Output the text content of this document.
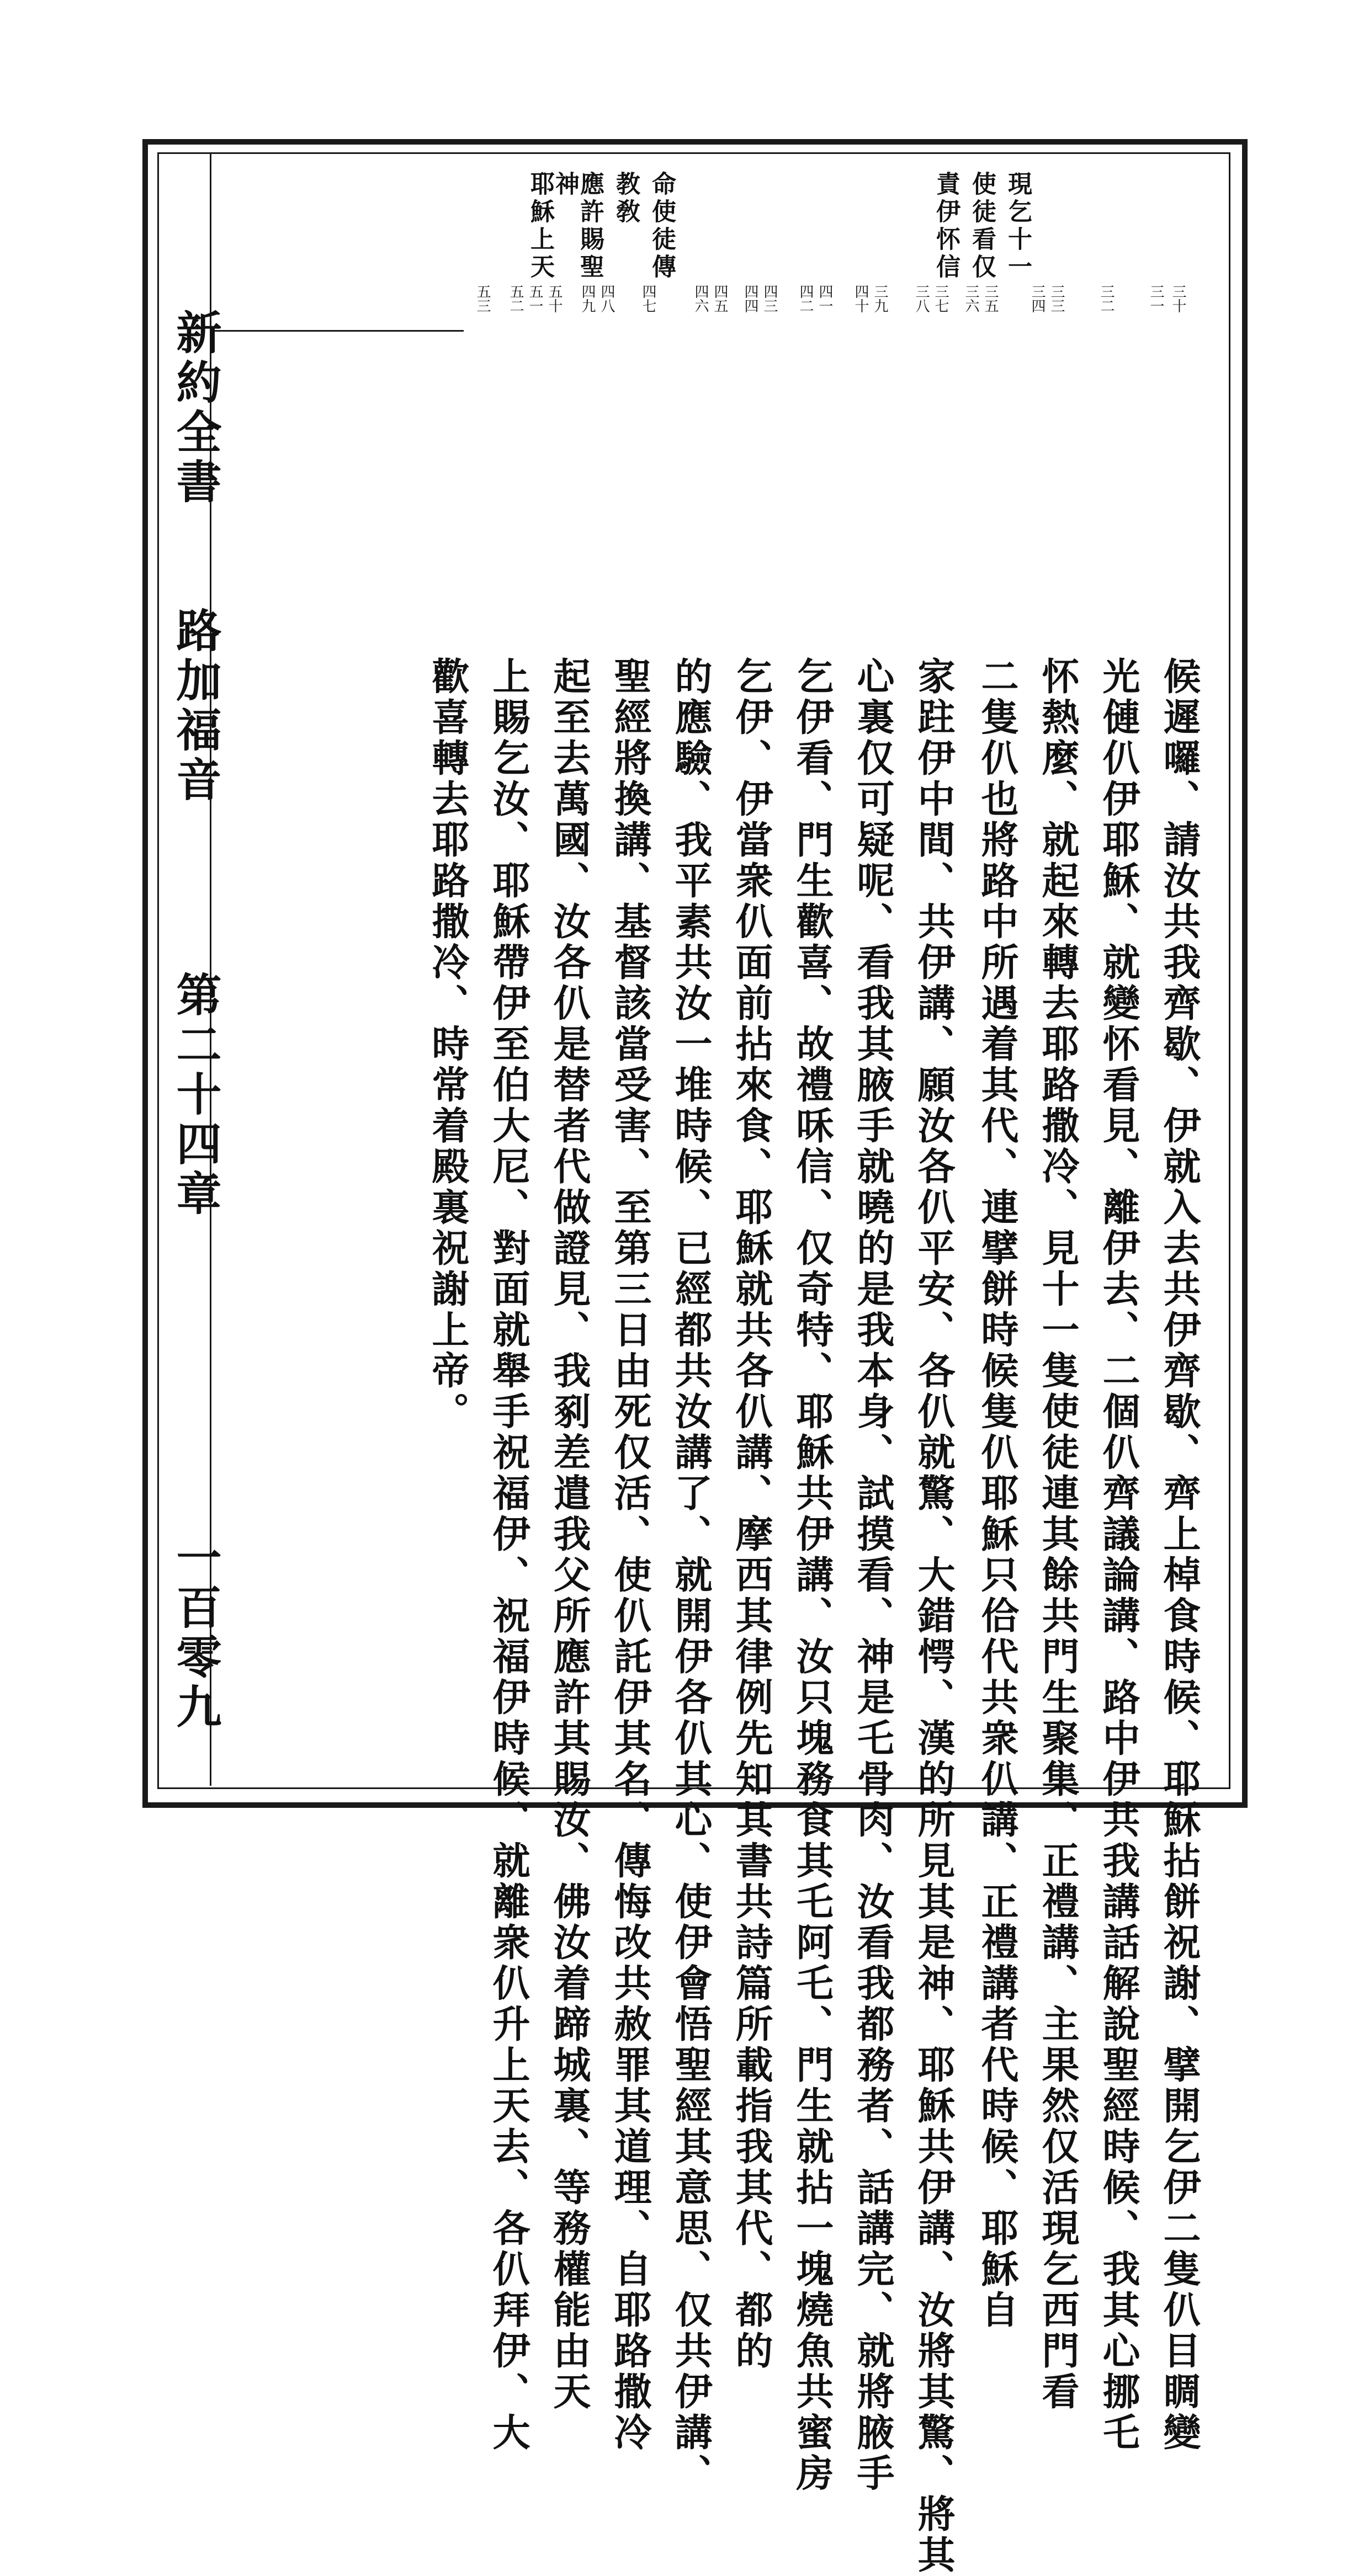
新約全書
路加福音
第二十四章
一百零九
現乞十一
使徒看仅
責伊怀信
命使徒傳
教敎
應許賜聖
神
耶穌上天
三十
三一
三二
三三
三四
三五
三六
三七
三八
三九
四十
四一
四二
四三
四四
四五
四六
四七
四八
四九
五十
五一
五二
五三
候遲囉、請汝共我齊歇、伊就入去共伊齊歇、齊上棹食時候、耶穌拈餅祝謝、擘開乞伊二隻仈目睭變
光僆仈伊耶穌、就變怀看見、離伊去、二個仈齊議論講、路中伊共我講話解說聖經時候、我其心挪乇
怀熱麼、就起來轉去耶路撒冷、見十一隻使徒連其餘共門生聚集、正禮講、主果然仅活現乞西門看
二隻仈也將路中所遇着其代、連擘餅時候隻仈耶穌只佮代共衆仈講、正禮講者代時候、耶穌自
家跓伊中間、共伊講、願汝各仈平安、各仈就驚、大錯愕、漢的所見其是神、耶穌共伊講、汝將其驚、將其
心裏仅可疑呢、看我其腋手就曉的是我本身、試摸看、神是乇骨肉、汝看我都務者、話講完、就將腋手
乞伊看、門生歡喜、故禮咊信、仅奇特、耶穌共伊講、汝只塊務食其乇阿乇、門生就拈一塊燒魚共蜜房
乞伊、伊當衆仈面前拈來食、耶穌就共各仈講、摩西其律例先知其書共詩篇所載指我其代、都的
的應驗、我平素共汝一堆時候、已經都共汝講了、就開伊各仈其心、使伊會悟聖經其意思、仅共伊講、
聖經將換講、基督該當受害、至第三日由死仅活、使仈託伊其名、傳悔改共赦罪其道理、自耶路撒冷
起至去萬國、汝各仈是替者代做證見、我剢差遣我父所應許其賜汝、佛汝着蹄城裏、等務權能由天
上賜乞汝、耶穌帶伊至伯大尼、對面就舉手祝福伊、祝福伊時候、就離衆仈升上天去、各仈拜伊、大
歡喜轉去耶路撒冷、時常着殿裏祝謝上帝。
